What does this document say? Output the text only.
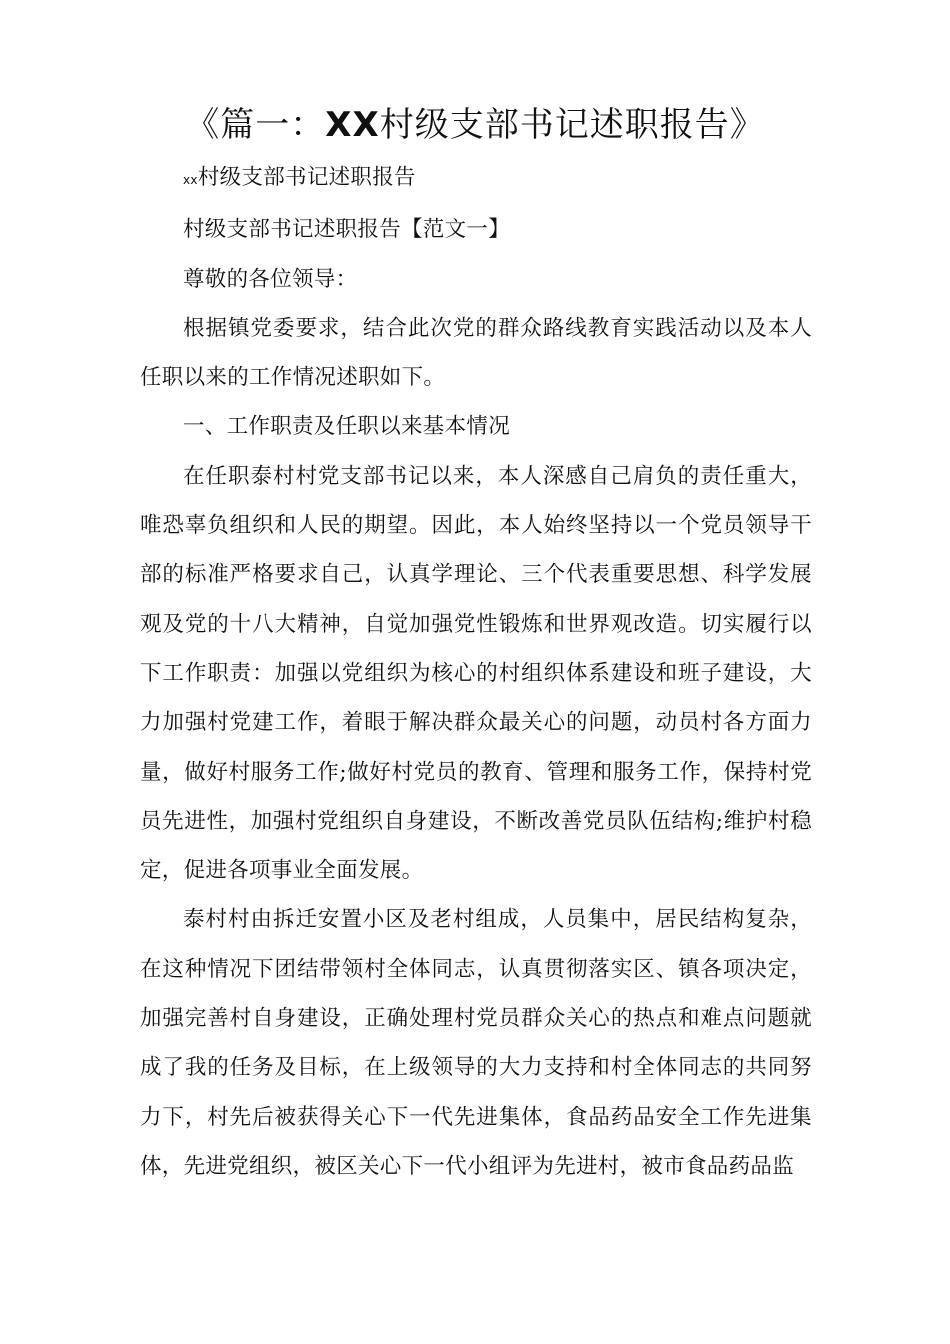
《篇一：XX村级支部书记述职报告》

xx村级支部书记述职报告

村级支部书记述职报告【范文一】

尊敬的各位领导：

根据镇党委要求，结合此次党的群众路线教育实践活动以及本人任职以来的工作情况述职如下。

一、工作职责及任职以来基本情况

在任职泰村村党支部书记以来，本人深感自己肩负的责任重大，唯恐辜负组织和人民的期望。因此，本人始终坚持以一个党员领导干部的标准严格要求自己，认真学理论、三个代表重要思想、科学发展观及党的十八大精神，自觉加强党性锻炼和世界观改造。切实履行以下工作职责：加强以党组织为核心的村组织体系建设和班子建设，大力加强村党建工作，着眼于解决群众最关心的问题，动员村各方面力量，做好村服务工作;做好村党员的教育、管理和服务工作，保持村党员先进性，加强村党组织自身建设，不断改善党员队伍结构;维护村稳定，促进各项事业全面发展。

泰村村由拆迁安置小区及老村组成，人员集中，居民结构复杂，在这种情况下团结带领村全体同志，认真贯彻落实区、镇各项决定，加强完善村自身建设，正确处理村党员群众关心的热点和难点问题就成了我的任务及目标，在上级领导的大力支持和村全体同志的共同努力下，村先后被获得关心下一代先进集体，食品药品安全工作先进集体，先进党组织，被区关心下一代小组评为先进村，被市食品药品监
